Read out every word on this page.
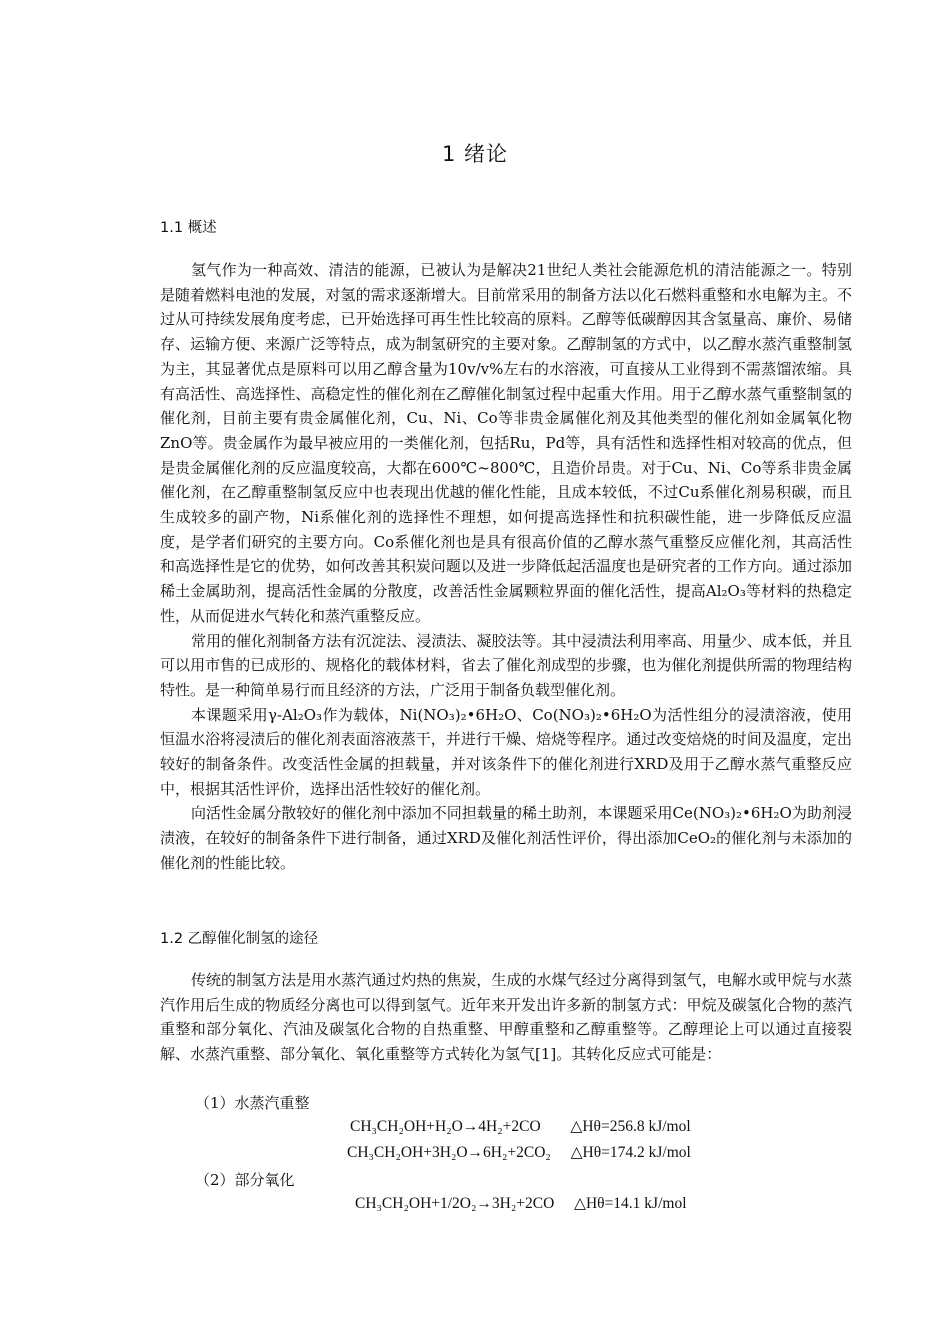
1 绪论
1.1 概述

氢气作为一种高效、清洁的能源，已被认为是解决21世纪人类社会能源危机的清洁能源之一。特别是随着燃料电池的发展，对氢的需求逐渐增大。目前常采用的制备方法以化石燃料重整和水电解为主。不过从可持续发展角度考虑，已开始选择可再生性比较高的原料。乙醇等低碳醇因其含氢量高、廉价、易储存、运输方便、来源广泛等特点，成为制氢研究的主要对象。乙醇制氢的方式中，以乙醇水蒸汽重整制氢为主，其显著优点是原料可以用乙醇含量为10v/v%左右的水溶液，可直接从工业得到不需蒸馏浓缩。具有高活性、高选择性、高稳定性的催化剂在乙醇催化制氢过程中起重大作用。用于乙醇水蒸气重整制氢的催化剂，目前主要有贵金属催化剂，Cu、Ni、Co等非贵金属催化剂及其他类型的催化剂如金属氧化物ZnO等。贵金属作为最早被应用的一类催化剂，包括Ru，Pd等，具有活性和选择性相对较高的优点，但是贵金属催化剂的反应温度较高，大都在600℃~800℃，且造价昂贵。对于Cu、Ni、Co等系非贵金属催化剂，在乙醇重整制氢反应中也表现出优越的催化性能，且成本较低，不过Cu系催化剂易积碳，而且生成较多的副产物，Ni系催化剂的选择性不理想，如何提高选择性和抗积碳性能，进一步降低反应温度，是学者们研究的主要方向。Co系催化剂也是具有很高价值的乙醇水蒸气重整反应催化剂，其高活性和高选择性是它的优势，如何改善其积炭问题以及进一步降低起活温度也是研究者的工作方向。通过添加稀土金属助剂，提高活性金属的分散度，改善活性金属颗粒界面的催化活性，提高Al₂O₃等材料的热稳定性，从而促进水气转化和蒸汽重整反应。

常用的催化剂制备方法有沉淀法、浸渍法、凝胶法等。其中浸渍法利用率高、用量少、成本低，并且可以用市售的已成形的、规格化的载体材料，省去了催化剂成型的步骤，也为催化剂提供所需的物理结构特性。是一种简单易行而且经济的方法，广泛用于制备负载型催化剂。

本课题采用γ-Al₂O₃作为载体，Ni(NO₃)₂•6H₂O、Co(NO₃)₂•6H₂O为活性组分的浸渍溶液，使用恒温水浴将浸渍后的催化剂表面溶液蒸干，并进行干燥、焙烧等程序。通过改变焙烧的时间及温度，定出较好的制备条件。改变活性金属的担载量，并对该条件下的催化剂进行XRD及用于乙醇水蒸气重整反应中，根据其活性评价，选择出活性较好的催化剂。

向活性金属分散较好的催化剂中添加不同担载量的稀土助剂，本课题采用Ce(NO₃)₂•6H₂O为助剂浸渍液，在较好的制备条件下进行制备，通过XRD及催化剂活性评价，得出添加CeO₂的催化剂与未添加的催化剂的性能比较。

1.2 乙醇催化制氢的途径

传统的制氢方法是用水蒸汽通过灼热的焦炭，生成的水煤气经过分离得到氢气，电解水或甲烷与水蒸汽作用后生成的物质经分离也可以得到氢气。近年来开发出许多新的制氢方式：甲烷及碳氢化合物的蒸汽重整和部分氧化、汽油及碳氢化合物的自热重整、甲醇重整和乙醇重整等。乙醇理论上可以通过直接裂解、水蒸汽重整、部分氧化、氧化重整等方式转化为氢气[1]。其转化反应式可能是：

（1）水蒸汽重整
CH₃CH₂OH+H₂O→4H₂+2CO △Hθ=256.8 kJ/mol
CH₃CH₂OH+3H₂O→6H₂+2CO₂ △Hθ=174.2 kJ/mol
（2）部分氧化
CH₃CH₂OH+1/2O₂→3H₂+2CO △Hθ=14.1 kJ/mol
